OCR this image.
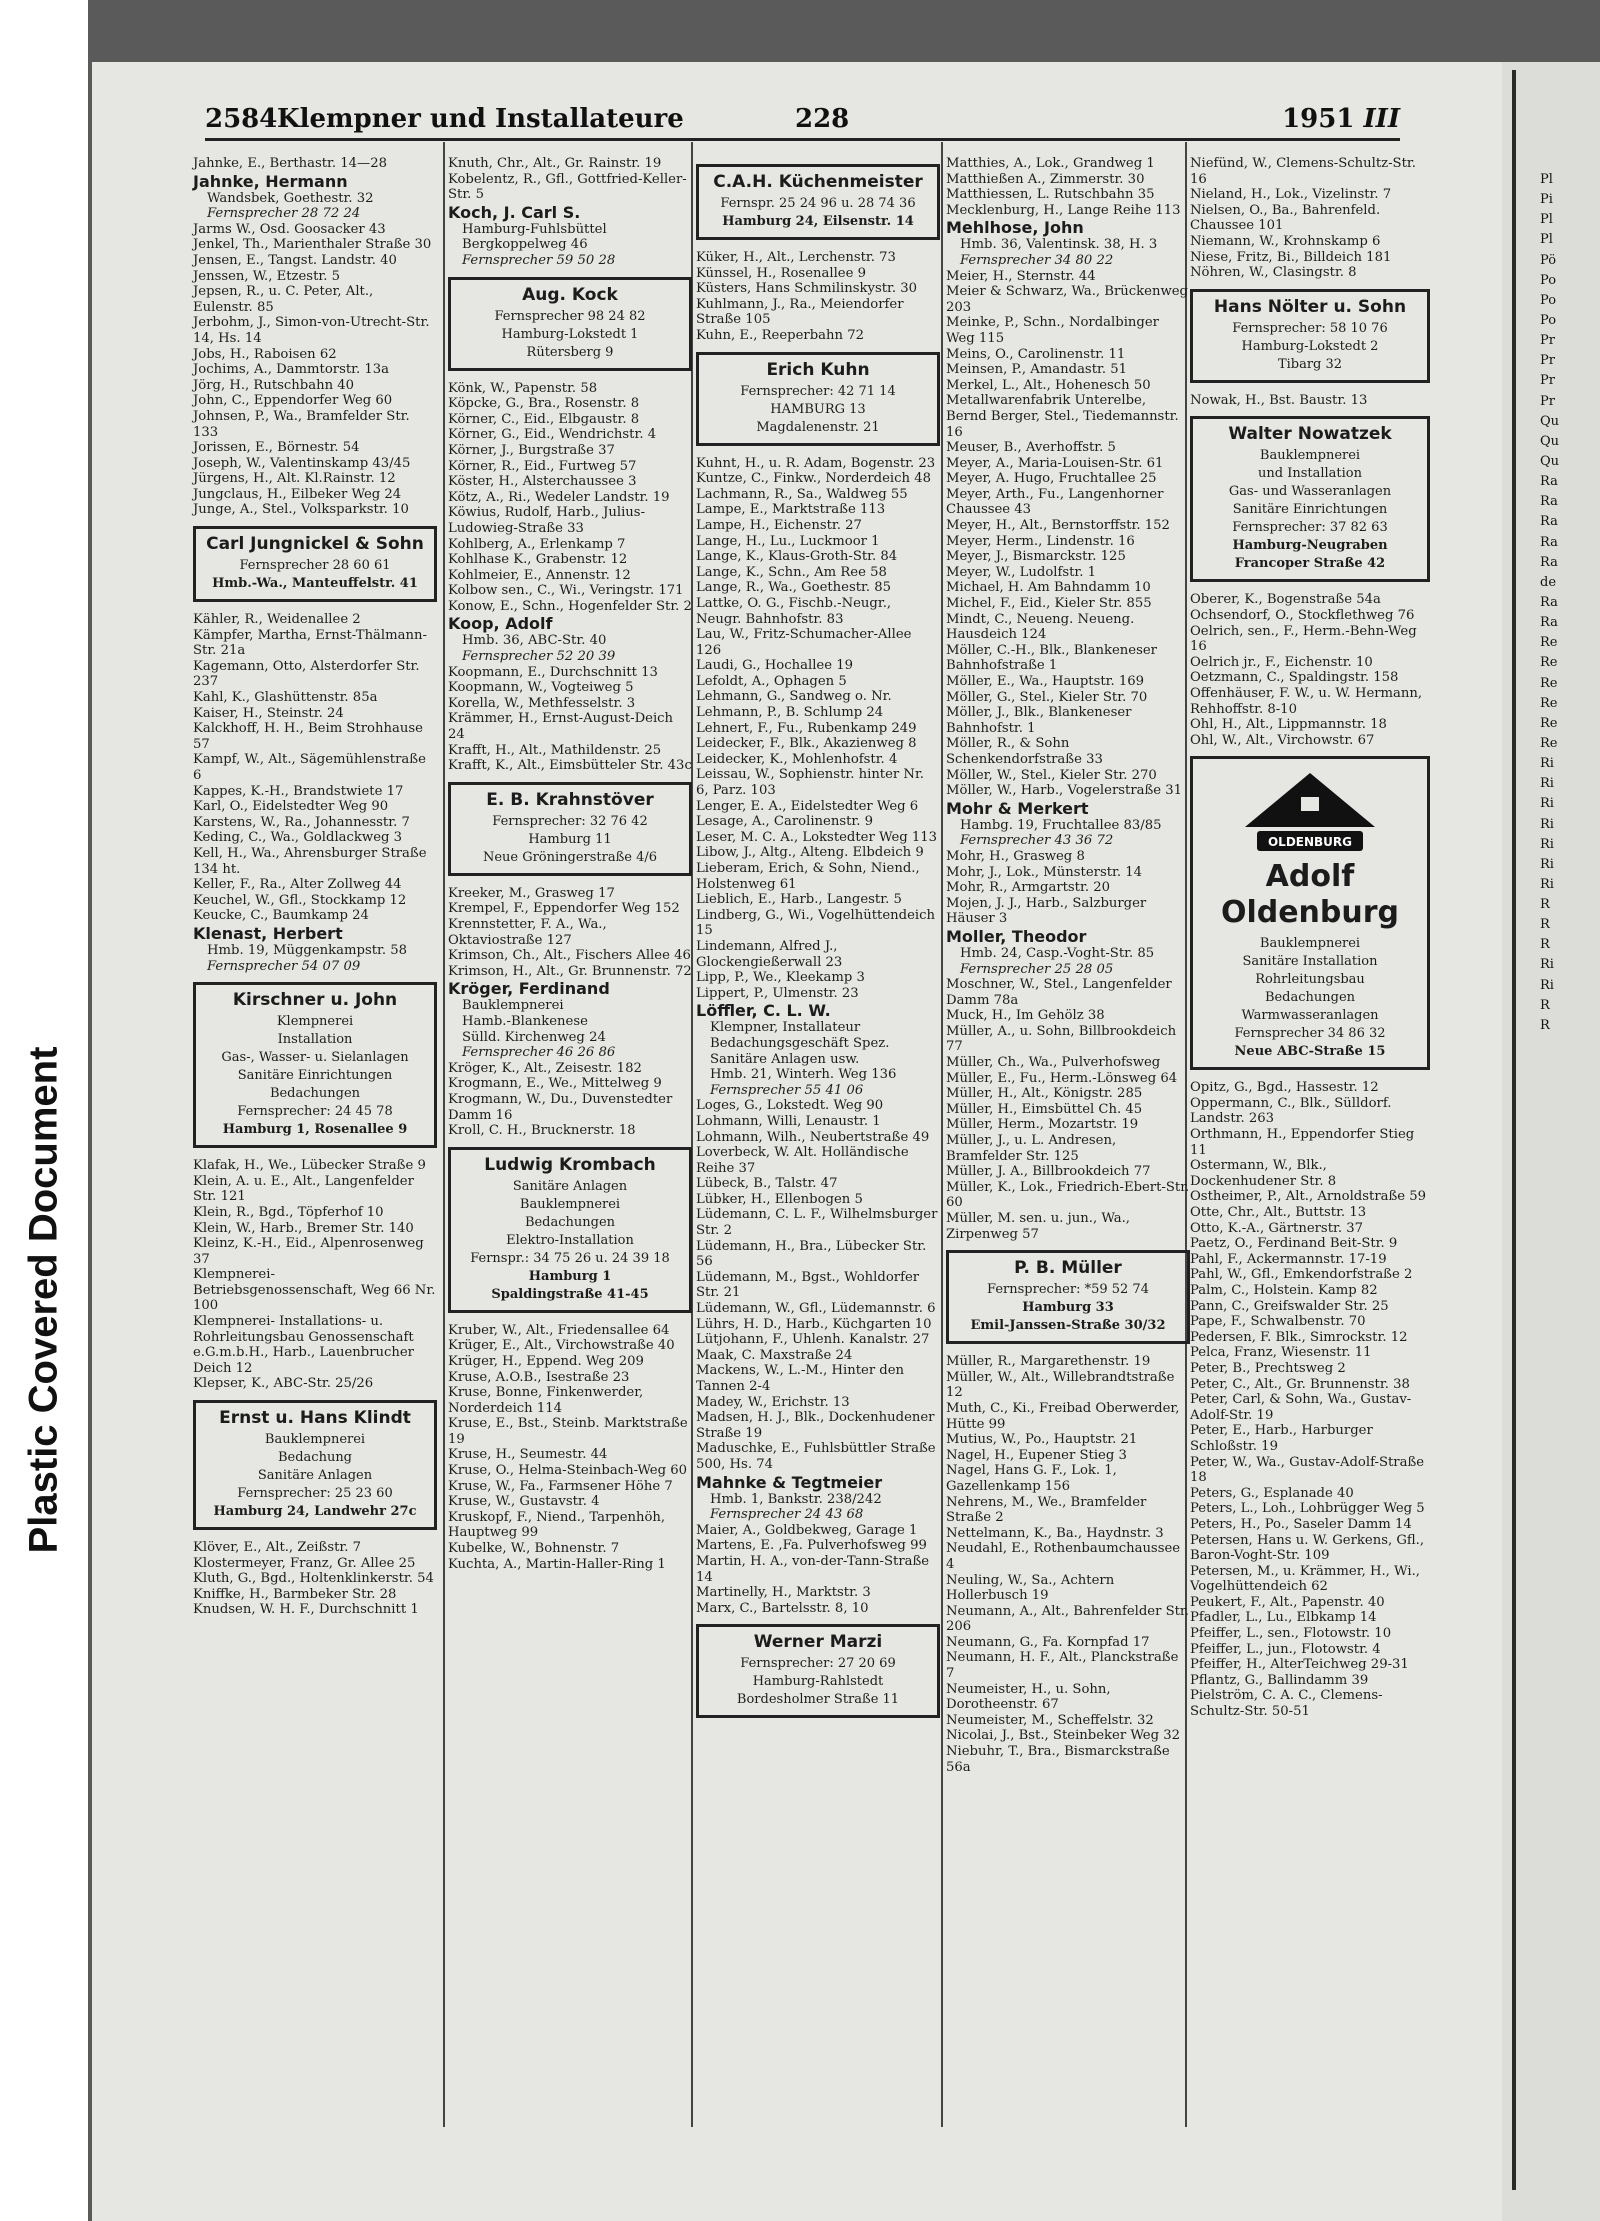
Plastic Covered Document
Pl
Pi
Pl
Pl
Pö
Po
Po
Po
Pr
Pr
Pr
Pr
Qu
Qu
Qu
Ra
Ra
Ra
Ra
Ra
de
Ra
Ra
Re
Re
Re
Re
Re
Re
Ri
Ri
Ri
Ri
Ri
Ri
Ri
R
R
R
Ri
Ri
R
R
2584 Klempner und Installateure	228	1951 III
Jahnke, E., Berthastr. 14—28
Jahnke, Hermann
Wandsbek, Goethestr. 32
Fernsprecher 28 72 24
Jarms W., Osd. Goosacker 43
Jenkel, Th., Marienthaler Straße 30
Jensen, E., Tangst. Landstr. 40
Jenssen, W., Etzestr. 5
Jepsen, R., u. C. Peter, Alt., Eulenstr. 85
Jerbohm, J., Simon-von-Utrecht-Str. 14, Hs. 14
Jobs, H., Raboisen 62
Jochims, A., Dammtorstr. 13a
Jörg, H., Rutschbahn 40
John, C., Eppendorfer Weg 60
Johnsen, P., Wa., Bramfelder Str. 133
Jorissen, E., Börnestr. 54
Joseph, W., Valentinskamp 43/45
Jürgens, H., Alt. Kl.Rainstr. 12
Jungclaus, H., Eilbeker Weg 24
Junge, A., Stel., Volksparkstr. 10
Carl Jungnickel & Sohn
Fernsprecher 28 60 61
Hmb.-Wa., Manteuffelstr. 41
Kähler, R., Weidenallee 2
Kämpfer, Martha, Ernst-Thälmann-Str. 21a
Kagemann, Otto, Alsterdorfer Str. 237
Kahl, K., Glashüttenstr. 85a
Kaiser, H., Steinstr. 24
Kalckhoff, H. H., Beim Strohhause 57
Kampf, W., Alt., Sägemühlenstraße 6
Kappes, K.-H., Brandstwiete 17
Karl, O., Eidelstedter Weg 90
Karstens, W., Ra., Johannesstr. 7
Keding, C., Wa., Goldlackweg 3
Kell, H., Wa., Ahrensburger Straße 134 ht.
Keller, F., Ra., Alter Zollweg 44
Keuchel, W., Gfl., Stockkamp 12
Keucke, C., Baumkamp 24
Klenast, Herbert
Hmb. 19, Müggenkampstr. 58
Fernsprecher 54 07 09
Kirschner u. John
Klempnerei
Installation
Gas-, Wasser- u. Sielanlagen
Sanitäre Einrichtungen
Bedachungen
Fernsprecher: 24 45 78
Hamburg 1, Rosenallee 9
Klafak, H., We., Lübecker Straße 9
Klein, A. u. E., Alt., Langenfelder Str. 121
Klein, R., Bgd., Töpferhof 10
Klein, W., Harb., Bremer Str. 140
Kleinz, K.-H., Eid., Alpenrosenweg 37
Klempnerei-Betriebsgenossenschaft, Weg 66 Nr. 100
Klempnerei- Installations- u. Rohrleitungsbau Genossenschaft e.G.m.b.H., Harb., Lauenbrucher Deich 12
Klepser, K., ABC-Str. 25/26
Ernst u. Hans Klindt
Bauklempnerei
Bedachung
Sanitäre Anlagen
Fernsprecher: 25 23 60
Hamburg 24, Landwehr 27c
Klöver, E., Alt., Zeißstr. 7
Klostermeyer, Franz, Gr. Allee 25
Kluth, G., Bgd., Holtenklinkerstr. 54
Kniffke, H., Barmbeker Str. 28
Knudsen, W. H. F., Durchschnitt 1
Knuth, Chr., Alt., Gr. Rainstr. 19
Kobelentz, R., Gfl., Gottfried-Keller-Str. 5
Koch, J. Carl S.
Hamburg-Fuhlsbüttel
Bergkoppelweg 46
Fernsprecher 59 50 28
Aug. Kock
Fernsprecher 98 24 82
Hamburg-Lokstedt 1
Rütersberg 9
Könk, W., Papenstr. 58
Köpcke, G., Bra., Rosenstr. 8
Körner, C., Eid., Elbgaustr. 8
Körner, G., Eid., Wendrichstr. 4
Körner, J., Burgstraße 37
Körner, R., Eid., Furtweg 57
Köster, H., Alsterchaussee 3
Kötz, A., Ri., Wedeler Landstr. 19
Köwius, Rudolf, Harb., Julius-Ludowieg-Straße 33
Kohlberg, A., Erlenkamp 7
Kohlhase K., Grabenstr. 12
Kohlmeier, E., Annenstr. 12
Kolbow sen., C., Wi., Veringstr. 171
Konow, E., Schn., Hogenfelder Str. 2
Koop, Adolf
Hmb. 36, ABC-Str. 40
Fernsprecher 52 20 39
Koopmann, E., Durchschnitt 13
Koopmann, W., Vogteiweg 5
Korella, W., Methfesselstr. 3
Krämmer, H., Ernst-August-Deich 24
Krafft, H., Alt., Mathildenstr. 25
Krafft, K., Alt., Eimsbütteler Str. 43c
E. B. Krahnstöver
Fernsprecher: 32 76 42
Hamburg 11
Neue Gröningerstraße 4/6
Kreeker, M., Grasweg 17
Krempel, F., Eppendorfer Weg 152
Krennstetter, F. A., Wa., Oktaviostraße 127
Krimson, Ch., Alt., Fischers Allee 46
Krimson, H., Alt., Gr. Brunnenstr. 72
Kröger, Ferdinand
Bauklempnerei
Hamb.-Blankenese
Sülld. Kirchenweg 24
Fernsprecher 46 26 86
Kröger, K., Alt., Zeisestr. 182
Krogmann, E., We., Mittelweg 9
Krogmann, W., Du., Duvenstedter Damm 16
Kroll, C. H., Brucknerstr. 18
Ludwig Krombach
Sanitäre Anlagen
Bauklempnerei
Bedachungen
Elektro-Installation
Fernspr.: 34 75 26 u. 24 39 18
Hamburg 1
Spaldingstraße 41-45
Kruber, W., Alt., Friedensallee 64
Krüger, E., Alt., Virchowstraße 40
Krüger, H., Eppend. Weg 209
Kruse, A.O.B., Isestraße 23
Kruse, Bonne, Finkenwerder, Norderdeich 114
Kruse, E., Bst., Steinb. Marktstraße 19
Kruse, H., Seumestr. 44
Kruse, O., Helma-Steinbach-Weg 60
Kruse, W., Fa., Farmsener Höhe 7
Kruse, W., Gustavstr. 4
Kruskopf, F., Niend., Tarpenhöh, Hauptweg 99
Kubelke, W., Bohnenstr. 7
Kuchta, A., Martin-Haller-Ring 1
C.A.H. Küchenmeister
Fernspr. 25 24 96 u. 28 74 36
Hamburg 24, Eilsenstr. 14
Küker, H., Alt., Lerchenstr. 73
Künssel, H., Rosenallee 9
Küsters, Hans Schmilinskystr. 30
Kuhlmann, J., Ra., Meiendorfer Straße 105
Kuhn, E., Reeperbahn 72
Erich Kuhn
Fernsprecher: 42 71 14
HAMBURG 13
Magdalenenstr. 21
Kuhnt, H., u. R. Adam, Bogenstr. 23
Kuntze, C., Finkw., Norderdeich 48
Lachmann, R., Sa., Waldweg 55
Lampe, E., Marktstraße 113
Lampe, H., Eichenstr. 27
Lange, H., Lu., Luckmoor 1
Lange, K., Klaus-Groth-Str. 84
Lange, K., Schn., Am Ree 58
Lange, R., Wa., Goethestr. 85
Lattke, O. G., Fischb.-Neugr., Neugr. Bahnhofstr. 83
Lau, W., Fritz-Schumacher-Allee 126
Laudi, G., Hochallee 19
Lefoldt, A., Ophagen 5
Lehmann, G., Sandweg o. Nr.
Lehmann, P., B. Schlump 24
Lehnert, F., Fu., Rubenkamp 249
Leidecker, F., Blk., Akazienweg 8
Leidecker, K., Mohlenhofstr. 4
Leissau, W., Sophienstr. hinter Nr. 6, Parz. 103
Lenger, E. A., Eidelstedter Weg 6
Lesage, A., Carolinenstr. 9
Leser, M. C. A., Lokstedter Weg 113
Libow, J., Altg., Alteng. Elbdeich 9
Lieberam, Erich, & Sohn, Niend., Holstenweg 61
Lieblich, E., Harb., Langestr. 5
Lindberg, G., Wi., Vogelhüttendeich 15
Lindemann, Alfred J., Glockengießerwall 23
Lipp, P., We., Kleekamp 3
Lippert, P., Ulmenstr. 23
Löffler, C. L. W.
Klempner, Installateur
Bedachungsgeschäft Spez.
Sanitäre Anlagen usw.
Hmb. 21, Winterh. Weg 136
Fernsprecher 55 41 06
Loges, G., Lokstedt. Weg 90
Lohmann, Willi, Lenaustr. 1
Lohmann, Wilh., Neubertstraße 49
Loverbeck, W. Alt. Holländische Reihe 37
Lübeck, B., Talstr. 47
Lübker, H., Ellenbogen 5
Lüdemann, C. L. F., Wilhelmsburger Str. 2
Lüdemann, H., Bra., Lübecker Str. 56
Lüdemann, M., Bgst., Wohldorfer Str. 21
Lüdemann, W., Gfl., Lüdemannstr. 6
Lührs, H. D., Harb., Küchgarten 10
Lütjohann, F., Uhlenh. Kanalstr. 27
Maak, C. Maxstraße 24
Mackens, W., L.-M., Hinter den Tannen 2-4
Madey, W., Erichstr. 13
Madsen, H. J., Blk., Dockenhudener Straße 19
Maduschke, E., Fuhlsbüttler Straße 500, Hs. 74
Mahnke & Tegtmeier
Hmb. 1, Bankstr. 238/242
Fernsprecher 24 43 68
Maier, A., Goldbekweg, Garage 1
Martens, E. ,Fa. Pulverhofsweg 99
Martin, H. A., von-der-Tann-Straße 14
Martinelly, H., Marktstr. 3
Marx, C., Bartelsstr. 8, 10
Werner Marzi
Fernsprecher: 27 20 69
Hamburg-Rahlstedt
Bordesholmer Straße 11
Matthies, A., Lok., Grandweg 1
Matthießen A., Zimmerstr. 30
Matthiessen, L. Rutschbahn 35
Mecklenburg, H., Lange Reihe 113
Mehlhose, John
Hmb. 36, Valentinsk. 38, H. 3
Fernsprecher 34 80 22
Meier, H., Sternstr. 44
Meier & Schwarz, Wa., Brückenweg 203
Meinke, P., Schn., Nordalbinger Weg 115
Meins, O., Carolinenstr. 11
Meinsen, P., Amandastr. 51
Merkel, L., Alt., Hohenesch 50
Metallwarenfabrik Unterelbe, Bernd Berger, Stel., Tiedemannstr. 16
Meuser, B., Averhoffstr. 5
Meyer, A., Maria-Louisen-Str. 61
Meyer, A. Hugo, Fruchtallee 25
Meyer, Arth., Fu., Langenhorner Chaussee 43
Meyer, H., Alt., Bernstorffstr. 152
Meyer, Herm., Lindenstr. 16
Meyer, J., Bismarckstr. 125
Meyer, W., Ludolfstr. 1
Michael, H. Am Bahndamm 10
Michel, F., Eid., Kieler Str. 855
Mindt, C., Neueng. Neueng. Hausdeich 124
Möller, C.-H., Blk., Blankeneser Bahnhofstraße 1
Möller, E., Wa., Hauptstr. 169
Möller, G., Stel., Kieler Str. 70
Möller, J., Blk., Blankeneser Bahnhofstr. 1
Möller, R., & Sohn Schenkendorfstraße 33
Möller, W., Stel., Kieler Str. 270
Möller, W., Harb., Vogelerstraße 31
Mohr & Merkert
Hambg. 19, Fruchtallee 83/85
Fernsprecher 43 36 72
Mohr, H., Grasweg 8
Mohr, J., Lok., Münsterstr. 14
Mohr, R., Armgartstr. 20
Mojen, J. J., Harb., Salzburger Häuser 3
Moller, Theodor
Hmb. 24, Casp.-Voght-Str. 85
Fernsprecher 25 28 05
Moschner, W., Stel., Langenfelder Damm 78a
Muck, H., Im Gehölz 38
Müller, A., u. Sohn, Billbrookdeich 77
Müller, Ch., Wa., Pulverhofsweg
Müller, E., Fu., Herm.-Lönsweg 64
Müller, H., Alt., Königstr. 285
Müller, H., Eimsbüttel Ch. 45
Müller, Herm., Mozartstr. 19
Müller, J., u. L. Andresen, Bramfelder Str. 125
Müller, J. A., Billbrookdeich 77
Müller, K., Lok., Friedrich-Ebert-Str. 60
Müller, M. sen. u. jun., Wa., Zirpenweg 57
P. B. Müller
Fernsprecher: *59 52 74
Hamburg 33
Emil-Janssen-Straße 30/32
Müller, R., Margarethenstr. 19
Müller, W., Alt., Willebrandtstraße 12
Muth, C., Ki., Freibad Oberwerder, Hütte 99
Mutius, W., Po., Hauptstr. 21
Nagel, H., Eupener Stieg 3
Nagel, Hans G. F., Lok. 1, Gazellenkamp 156
Nehrens, M., We., Bramfelder Straße 2
Nettelmann, K., Ba., Haydnstr. 3
Neudahl, E., Rothenbaumchaussee 4
Neuling, W., Sa., Achtern Hollerbusch 19
Neumann, A., Alt., Bahrenfelder Str. 206
Neumann, G., Fa. Kornpfad 17
Neumann, H. F., Alt., Planckstraße 7
Neumeister, H., u. Sohn, Dorotheenstr. 67
Neumeister, M., Scheffelstr. 32
Nicolai, J., Bst., Steinbeker Weg 32
Niebuhr, T., Bra., Bismarckstraße 56a
Niefünd, W., Clemens-Schultz-Str. 16
Nieland, H., Lok., Vizelinstr. 7
Nielsen, O., Ba., Bahrenfeld. Chaussee 101
Niemann, W., Krohnskamp 6
Niese, Fritz, Bi., Billdeich 181
Nöhren, W., Clasingstr. 8
Hans Nölter u. Sohn
Fernsprecher: 58 10 76
Hamburg-Lokstedt 2
Tibarg 32
Nowak, H., Bst. Baustr. 13
Walter Nowatzek
Bauklempnerei
und Installation
Gas- und Wasseranlagen
Sanitäre Einrichtungen
Fernsprecher: 37 82 63
Hamburg-Neugraben
Francoper Straße 42
Oberer, K., Bogenstraße 54a
Ochsendorf, O., Stockflethweg 76
Oelrich, sen., F., Herm.-Behn-Weg 16
Oelrich jr., F., Eichenstr. 10
Oetzmann, C., Spaldingstr. 158
Offenhäuser, F. W., u. W. Hermann, Rehhoffstr. 8-10
Ohl, H., Alt., Lippmannstr. 18
Ohl, W., Alt., Virchowstr. 67
OLDENBURG
Adolf Oldenburg
Bauklempnerei
Sanitäre Installation
Rohrleitungsbau
Bedachungen
Warmwasseranlagen
Fernsprecher 34 86 32
Neue ABC-Straße 15
Opitz, G., Bgd., Hassestr. 12
Oppermann, C., Blk., Sülldorf. Landstr. 263
Orthmann, H., Eppendorfer Stieg 11
Ostermann, W., Blk., Dockenhudener Str. 8
Ostheimer, P., Alt., Arnoldstraße 59
Otte, Chr., Alt., Buttstr. 13
Otto, K.-A., Gärtnerstr. 37
Paetz, O., Ferdinand Beit-Str. 9
Pahl, F., Ackermannstr. 17-19
Pahl, W., Gfl., Emkendorfstraße 2
Palm, C., Holstein. Kamp 82
Pann, C., Greifswalder Str. 25
Pape, F., Schwalbenstr. 70
Pedersen, F. Blk., Simrockstr. 12
Pelca, Franz, Wiesenstr. 11
Peter, B., Prechtsweg 2
Peter, C., Alt., Gr. Brunnenstr. 38
Peter, Carl, & Sohn, Wa., Gustav-Adolf-Str. 19
Peter, E., Harb., Harburger Schloßstr. 19
Peter, W., Wa., Gustav-Adolf-Straße 18
Peters, G., Esplanade 40
Peters, L., Loh., Lohbrügger Weg 5
Peters, H., Po., Saseler Damm 14
Petersen, Hans u. W. Gerkens, Gfl., Baron-Voght-Str. 109
Petersen, M., u. Krämmer, H., Wi., Vogelhüttendeich 62
Peukert, F., Alt., Papenstr. 40
Pfadler, L., Lu., Elbkamp 14
Pfeiffer, L., sen., Flotowstr. 10
Pfeiffer, L., jun., Flotowstr. 4
Pfeiffer, H., AlterTeichweg 29-31
Pflantz, G., Ballindamm 39
Pielström, C. A. C., Clemens-Schultz-Str. 50-51
